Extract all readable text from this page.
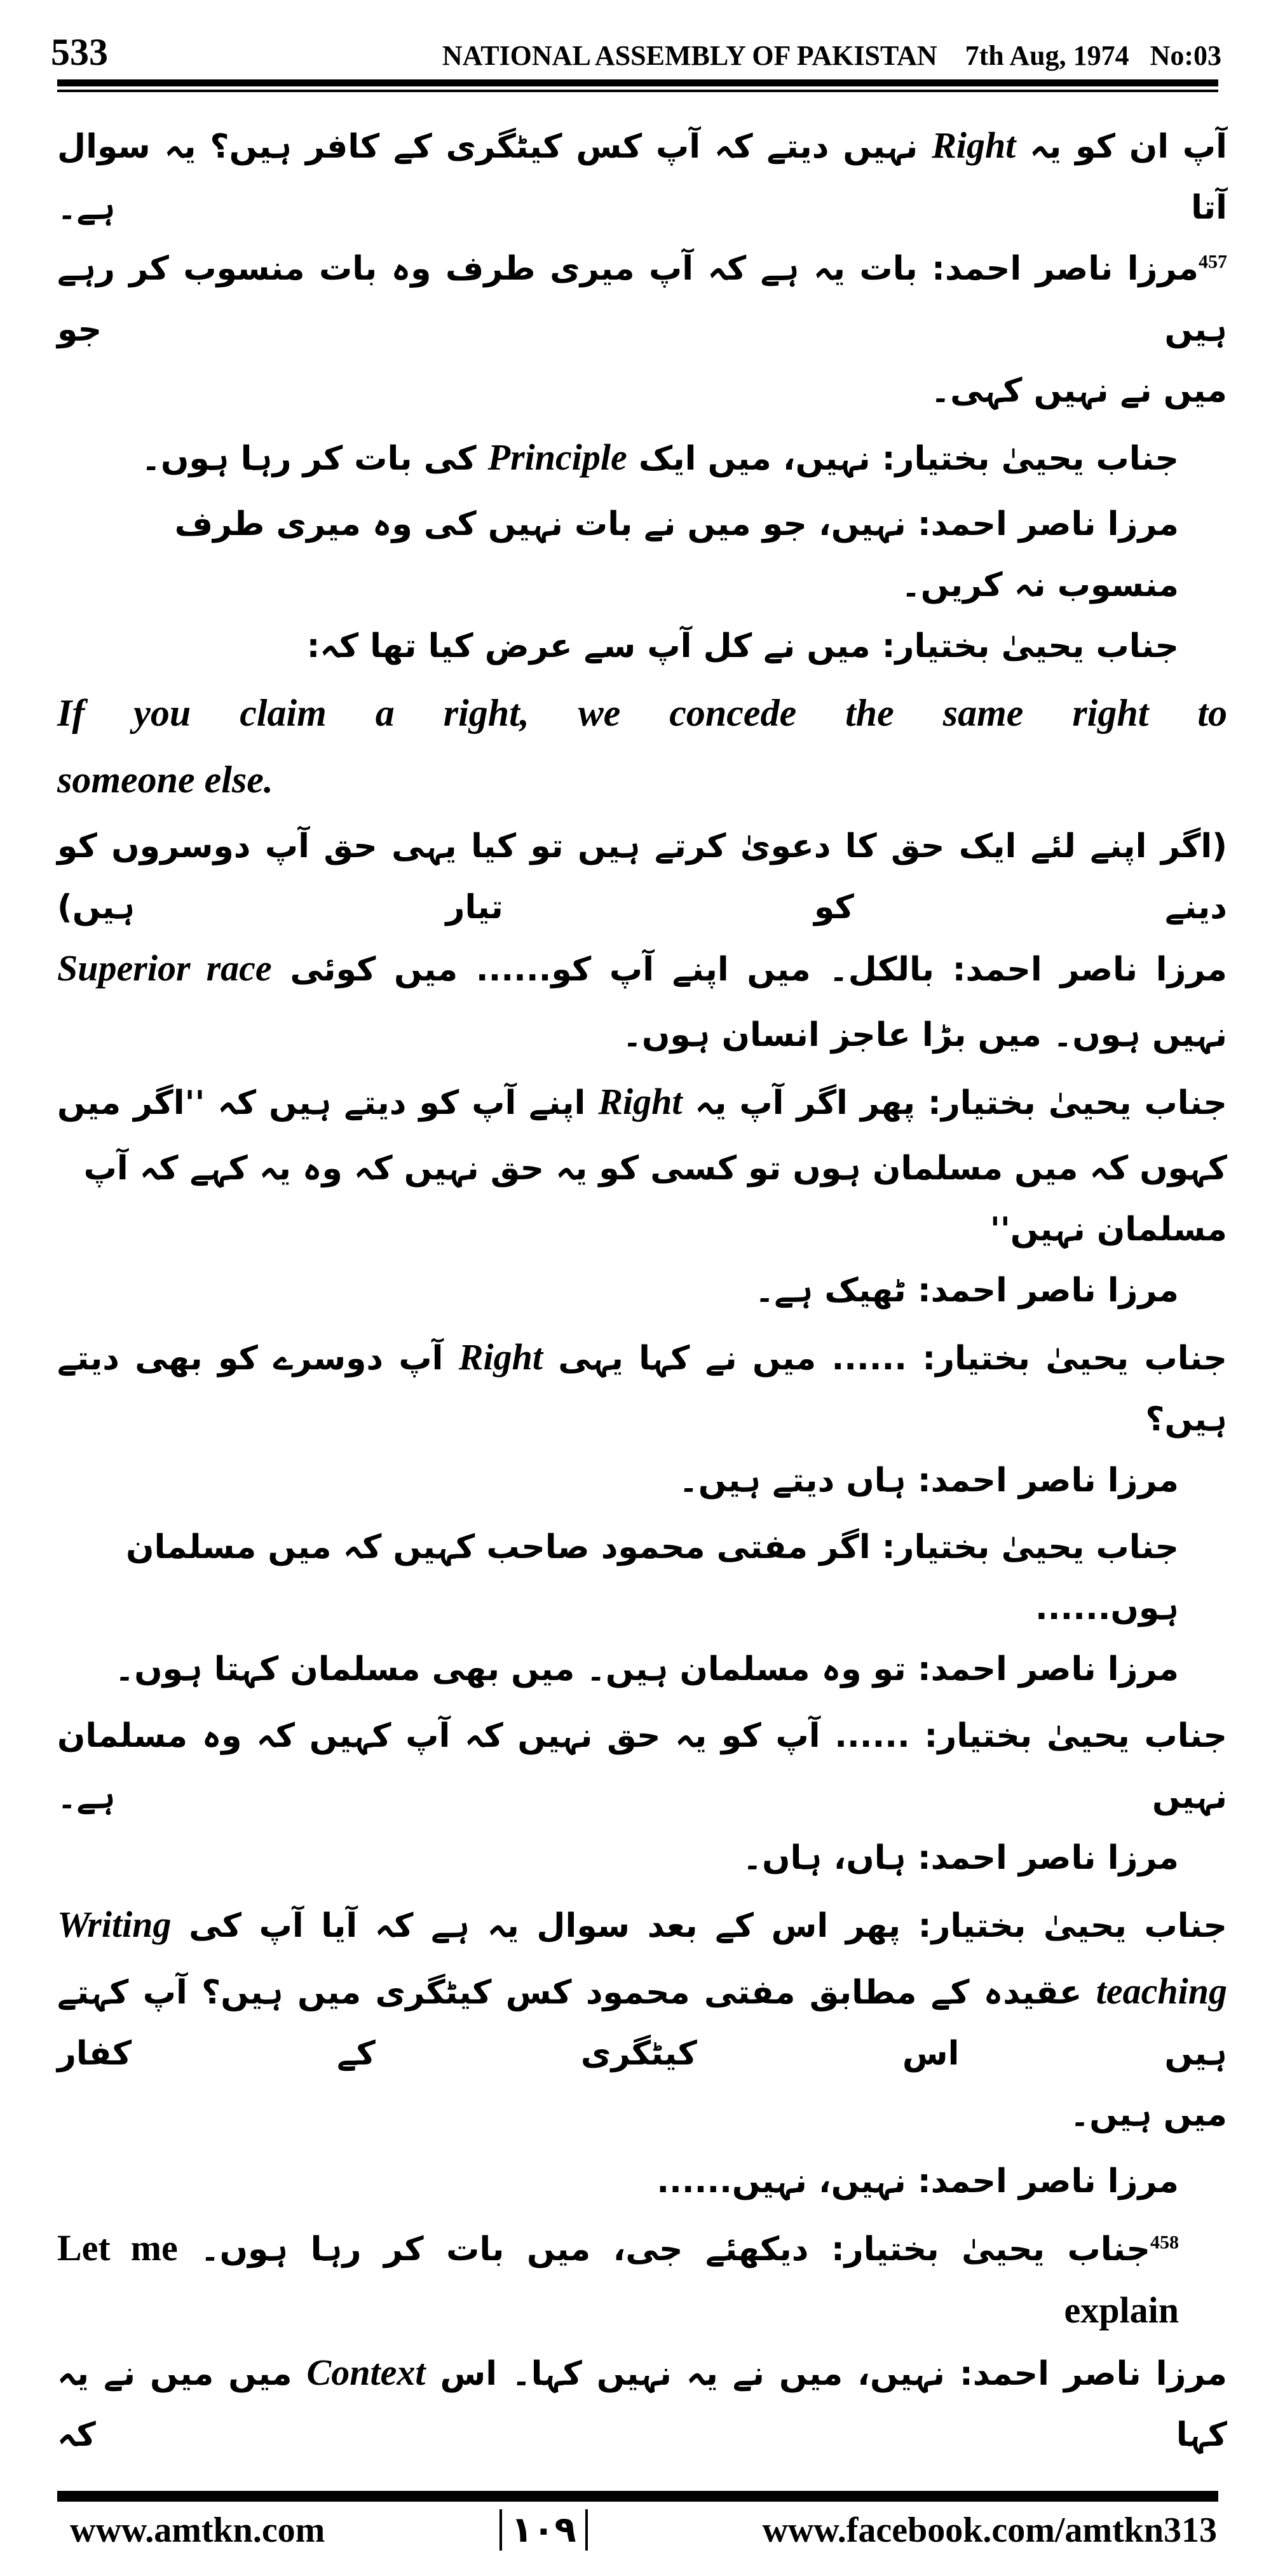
533	NATIONAL ASSEMBLY OF PAKISTAN    7th Aug, 1974   No:03
آپ ان کو یہ Right نہیں دیتے کہ آپ کس کیٹگری کے کافر ہیں؟ یہ سوال آتا ہے۔
$^{457}$مرزا ناصر احمد: بات یہ ہے کہ آپ میری طرف وہ بات منسوب کر رہے ہیں جو
میں نے نہیں کہی۔
جناب یحییٰ بختیار: نہیں، میں ایک Principle کی بات کر رہا ہوں۔
مرزا ناصر احمد: نہیں، جو میں نے بات نہیں کی وہ میری طرف منسوب نہ کریں۔
جناب یحییٰ بختیار: میں نے کل آپ سے عرض کیا تھا کہ:
If you claim a right, we concede the same right to
someone else.
(اگر اپنے لئے ایک حق کا دعویٰ کرتے ہیں تو کیا یہی حق آپ دوسروں کو دینے کو تیار ہیں)
مرزا ناصر احمد: بالکل۔ میں اپنے آپ کو...... میں کوئی Superior race
نہیں ہوں۔ میں بڑا عاجز انسان ہوں۔
جناب یحییٰ بختیار: پھر اگر آپ یہ Right اپنے آپ کو دیتے ہیں کہ ''اگر میں
کہوں کہ میں مسلمان ہوں تو کسی کو یہ حق نہیں کہ وہ یہ کہے کہ آپ مسلمان نہیں''
مرزا ناصر احمد: ٹھیک ہے۔
جناب یحییٰ بختیار: ...... میں نے کہا یہی Right آپ دوسرے کو بھی دیتے ہیں؟
مرزا ناصر احمد: ہاں دیتے ہیں۔
جناب یحییٰ بختیار: اگر مفتی محمود صاحب کہیں کہ میں مسلمان ہوں......
مرزا ناصر احمد: تو وہ مسلمان ہیں۔ میں بھی مسلمان کہتا ہوں۔
جناب یحییٰ بختیار: ...... آپ کو یہ حق نہیں کہ آپ کہیں کہ وہ مسلمان نہیں ہے۔
مرزا ناصر احمد: ہاں، ہاں۔
جناب یحییٰ بختیار: پھر اس کے بعد سوال یہ ہے کہ آیا آپ کی Writing
teaching عقیدہ کے مطابق مفتی محمود کس کیٹگری میں ہیں؟ آپ کہتے ہیں اس کیٹگری کے کفار
میں ہیں۔
مرزا ناصر احمد: نہیں، نہیں......
$^{458}$جناب یحییٰ بختیار: دیکھئے جی، میں بات کر رہا ہوں۔ Let me explain
مرزا ناصر احمد: نہیں، میں نے یہ نہیں کہا۔ اس Context میں میں نے یہ کہا کہ
www.amtkn.com	١٠٩	www.facebook.com/amtkn313
